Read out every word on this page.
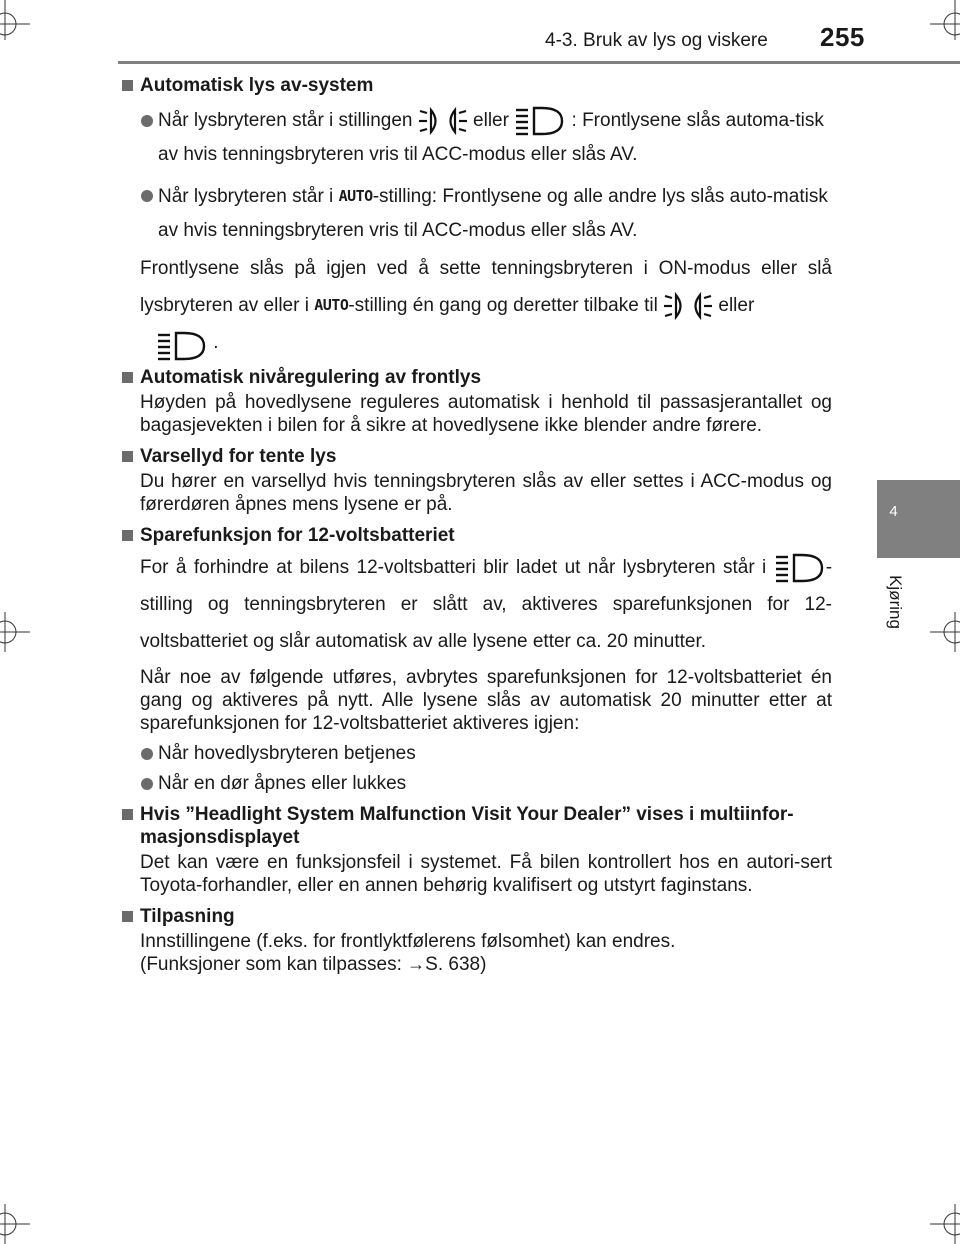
4-3. Bruk av lys og viskere 255
4
Kjøring
Automatisk lys av-system
Når lysbryteren står i stillingen	eller	: Frontlysene slås automa-tisk av hvis tenningsbryteren vris til ACC-modus eller slås AV.
Når lysbryteren står i AUTO-stilling: Frontlysene og alle andre lys slås auto-matisk av hvis tenningsbryteren vris til ACC-modus eller slås AV.
Frontlysene slås på igjen ved å sette tenningsbryteren i ON-modus eller slå lysbryteren av eller i AUTO-stilling én gang og deretter tilbake til	eller
.
Automatisk nivåregulering av frontlys
Høyden på hovedlysene reguleres automatisk i henhold til passasjerantallet og bagasjevekten i bilen for å sikre at hovedlysene ikke blender andre førere.
Varsellyd for tente lys
Du hører en varsellyd hvis tenningsbryteren slås av eller settes i ACC-modus og førerdøren åpnes mens lysene er på.
Sparefunksjon for 12-voltsbatteriet
For å forhindre at bilens 12-voltsbatteri blir ladet ut når lysbryteren står i	-stilling og tenningsbryteren er slått av, aktiveres sparefunksjonen for 12-voltsbatteriet og slår automatisk av alle lysene etter ca. 20 minutter.
Når noe av følgende utføres, avbrytes sparefunksjonen for 12-voltsbatteriet én gang og aktiveres på nytt. Alle lysene slås av automatisk 20 minutter etter at sparefunksjonen for 12-voltsbatteriet aktiveres igjen:
Når hovedlysbryteren betjenes
Når en dør åpnes eller lukkes
Hvis ”Headlight System Malfunction Visit Your Dealer” vises i multiinfor-masjonsdisplayet
Det kan være en funksjonsfeil i systemet. Få bilen kontrollert hos en autori-sert Toyota-forhandler, eller en annen behørig kvalifisert og utstyrt faginstans.
Tilpasning
Innstillingene (f.eks. for frontlyktfølerens følsomhet) kan endres.
(Funksjoner som kan tilpasses: →S. 638)
